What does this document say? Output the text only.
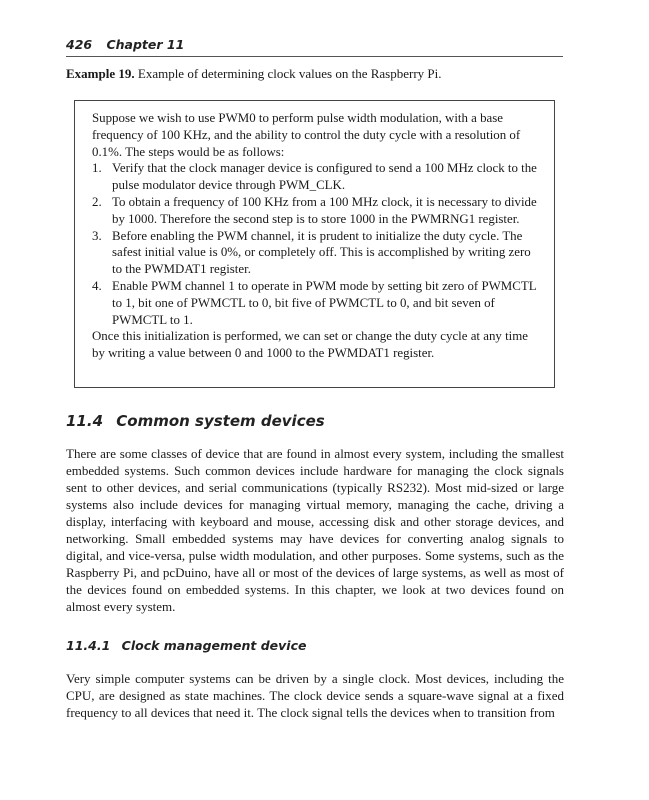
426 Chapter 11
Example 19. Example of determining clock values on the Raspberry Pi.

Suppose we wish to use PWM0 to perform pulse width modulation, with a base frequency of 100 KHz, and the ability to control the duty cycle with a resolution of 0.1%. The steps would be as follows:

1. Verify that the clock manager device is configured to send a 100 MHz clock to the pulse modulator device through PWM_CLK.
2. To obtain a frequency of 100 KHz from a 100 MHz clock, it is necessary to divide by 1000. Therefore the second step is to store 1000 in the PWMRNG1 register.
3. Before enabling the PWM channel, it is prudent to initialize the duty cycle. The safest initial value is 0%, or completely off. This is accomplished by writing zero to the PWMDAT1 register.
4. Enable PWM channel 1 to operate in PWM mode by setting bit zero of PWMCTL to 1, bit one of PWMCTL to 0, bit five of PWMCTL to 0, and bit seven of PWMCTL to 1.

Once this initialization is performed, we can set or change the duty cycle at any time by writing a value between 0 and 1000 to the PWMDAT1 register.

11.4 Common system devices

There are some classes of device that are found in almost every system, including the smallest embedded systems. Such common devices include hardware for managing the clock signals sent to other devices, and serial communications (typically RS232). Most mid-sized or large systems also include devices for managing virtual memory, managing the cache, driving a display, interfacing with keyboard and mouse, accessing disk and other storage devices, and networking. Small embedded systems may have devices for converting analog signals to digital, and vice-versa, pulse width modulation, and other purposes. Some systems, such as the Raspberry Pi, and pcDuino, have all or most of the devices of large systems, as well as most of the devices found on embedded systems. In this chapter, we look at two devices found on almost every system.

11.4.1 Clock management device

Very simple computer systems can be driven by a single clock. Most devices, including the CPU, are designed as state machines. The clock device sends a square-wave signal at a fixed frequency to all devices that need it. The clock signal tells the devices when to transition from
